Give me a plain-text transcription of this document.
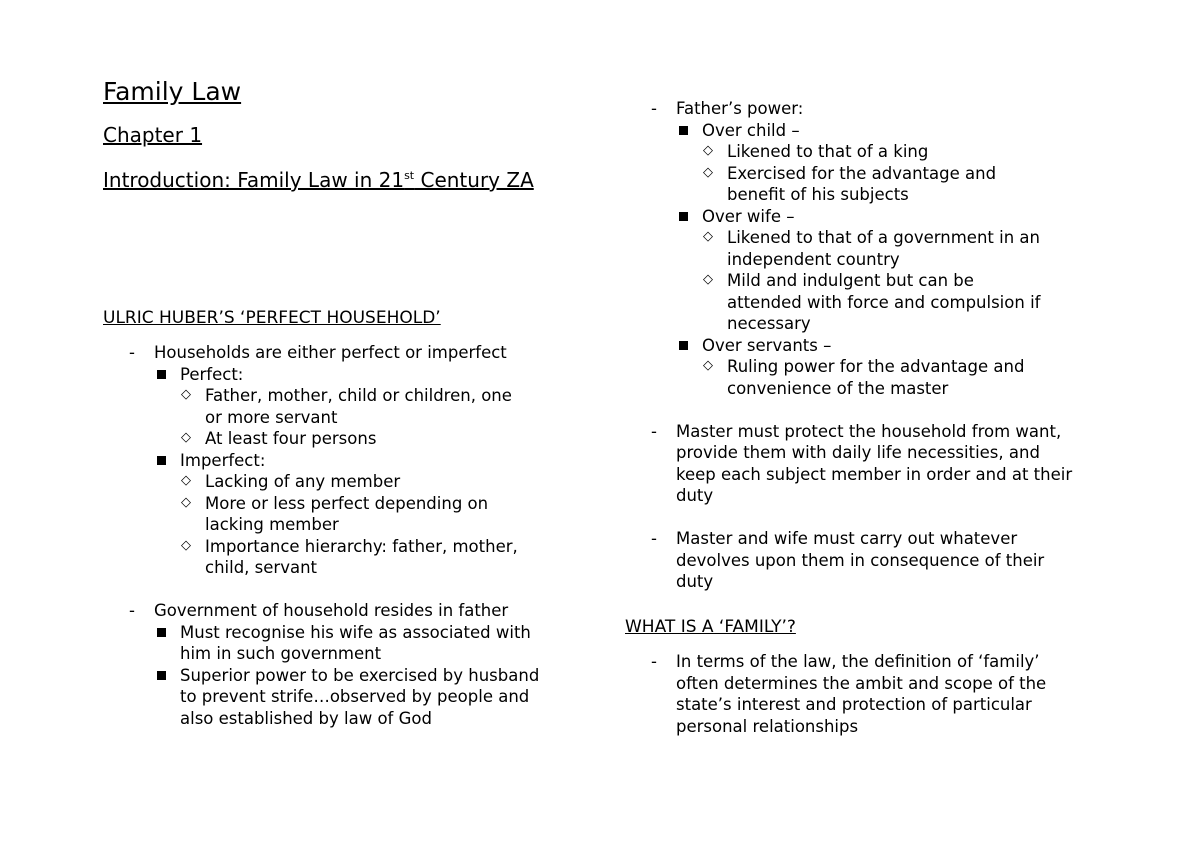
Family Law
Chapter 1
Introduction: Family Law in 21st Century ZA
ULRIC HUBER’S ‘PERFECT HOUSEHOLD’
- Households are either perfect or imperfect
Perfect:
◇ Father, mother, child or children, one or more servant
◇ At least four persons
Imperfect:
◇ Lacking of any member
◇ More or less perfect depending on lacking member
◇ Importance hierarchy: father, mother, child, servant
- Government of household resides in father
Must recognise his wife as associated with him in such government
Superior power to be exercised by husband to prevent strife…observed by people and also established by law of God
- Father’s power:
Over child –
◇ Likened to that of a king
◇ Exercised for the advantage and benefit of his subjects
Over wife –
◇ Likened to that of a government in an independent country
◇ Mild and indulgent but can be attended with force and compulsion if necessary
Over servants –
◇ Ruling power for the advantage and convenience of the master
- Master must protect the household from want, provide them with daily life necessities, and keep each subject member in order and at their duty
- Master and wife must carry out whatever devolves upon them in consequence of their duty
WHAT IS A ‘FAMILY’?
- In terms of the law, the definition of ‘family’ often determines the ambit and scope of the state’s interest and protection of particular personal relationships
